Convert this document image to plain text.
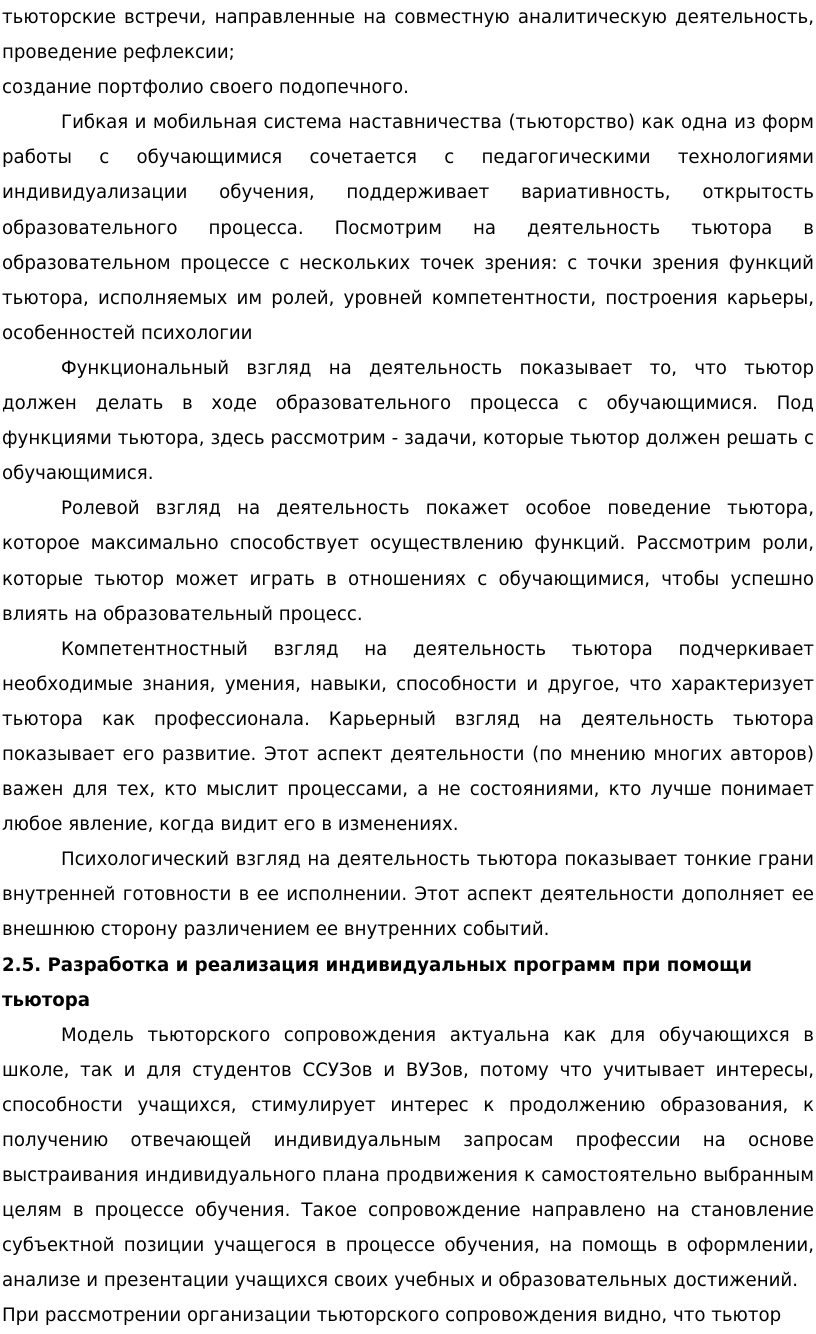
тьюторские встречи, направленные на совместную аналитическую деятельность, проведение рефлексии;

создание портфолио своего подопечного.

Гибкая и мобильная система наставничества (тьюторство) как одна из форм работы с обучающимися сочетается с педагогическими технологиями индивидуализации обучения, поддерживает вариативность, открытость образовательного процесса. Посмотрим на деятельность тьютора в образовательном процессе с нескольких точек зрения: с точки зрения функций тьютора, исполняемых им ролей, уровней компетентности, построения карьеры, особенностей психологии

Функциональный взгляд на деятельность показывает то, что тьютор должен делать в ходе образовательного процесса с обучающимися. Под функциями тьютора, здесь рассмотрим - задачи, которые тьютор должен решать с обучающимися.

Ролевой взгляд на деятельность покажет особое поведение тьютора, которое максимально способствует осуществлению функций. Рассмотрим роли, которые тьютор может играть в отношениях с обучающимися, чтобы успешно влиять на образовательный процесс.

Компетентностный взгляд на деятельность тьютора подчеркивает необходимые знания, умения, навыки, способности и другое, что характеризует тьютора как профессионала. Карьерный взгляд на деятельность тьютора показывает его развитие. Этот аспект деятельности (по мнению многих авторов) важен для тех, кто мыслит процессами, а не состояниями, кто лучше понимает любое явление, когда видит его в изменениях.

Психологический взгляд на деятельность тьютора показывает тонкие грани внутренней готовности в ее исполнении. Этот аспект деятельности дополняет ее внешнюю сторону различением ее внутренних событий.

2.5. Разработка и реализация индивидуальных программ при помощи тьютора

Модель тьюторского сопровождения актуальна как для обучающихся в школе, так и для студентов ССУЗов и ВУЗов, потому что учитывает интересы, способности учащихся, стимулирует интерес к продолжению образования, к получению отвечающей индивидуальным запросам профессии на основе выстраивания индивидуального плана продвижения к самостоятельно выбранным целям в процессе обучения. Такое сопровождение направлено на становление субъектной позиции учащегося в процессе обучения, на помощь в оформлении, анализе и презентации учащихся своих учебных и образовательных достижений.

При рассмотрении организации тьюторского сопровождения видно, что тьютор
